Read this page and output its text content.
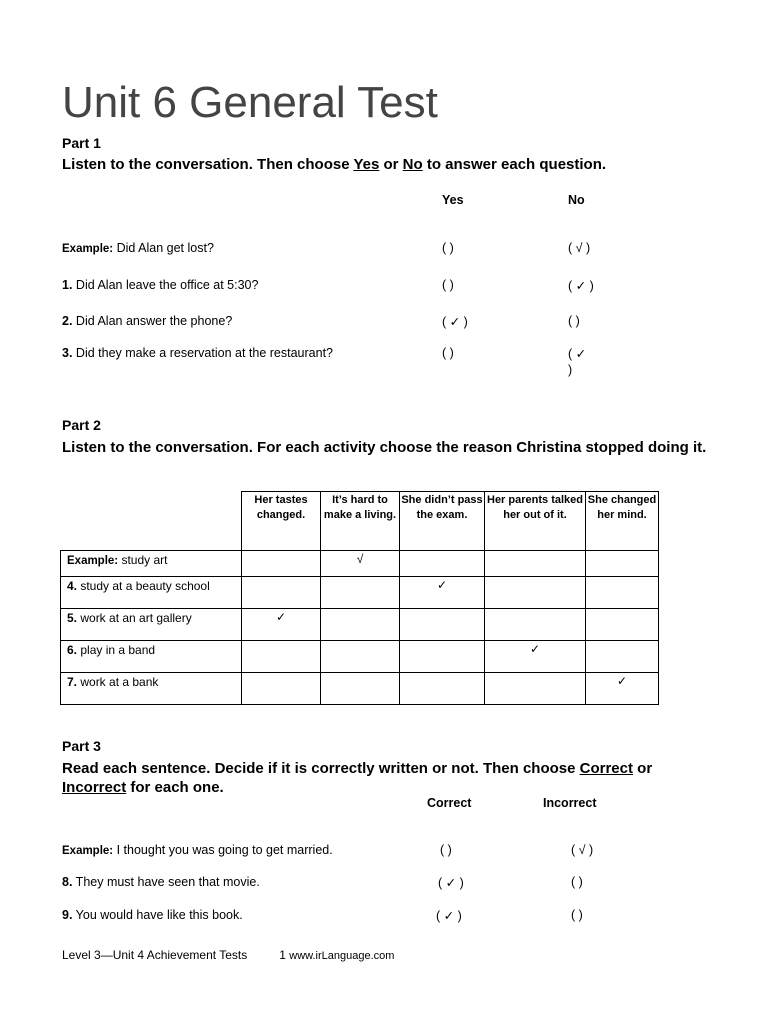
Unit 6 General Test
Part 1
Listen to the conversation. Then choose Yes or No to answer each question.
Yes	No
Example: Did Alan get lost?	( )	( √ )
1. Did Alan leave the office at 5:30?	( )	( ✓ )
2. Did Alan answer the phone?	( ✓ )	( )
3. Did they make a reservation at the restaurant?	( )	( ✓
)
Part 2
Listen to the conversation. For each activity choose the reason Christina stopped doing it.
	Her tastes changed.	It’s hard to make a living.	She didn’t pass the exam.	Her parents talked her out of it.	She changed her mind.
Example: study art		√			
4. study at a beauty school			✓		
5. work at an art gallery	✓				
6. play in a band				✓	
7. work at a bank					✓
Part 3
Read each sentence. Decide if it is correctly written or not. Then choose Correct or
Incorrect for each one.
Correct	Incorrect
Example: I thought you was going to get married.	( )	( √ )
8. They must have seen that movie.	( ✓ )	( )
9. You would have like this book.	( ✓ )	( )
Level 3—Unit 4 Achievement Tests	1 www.irLanguage.com
